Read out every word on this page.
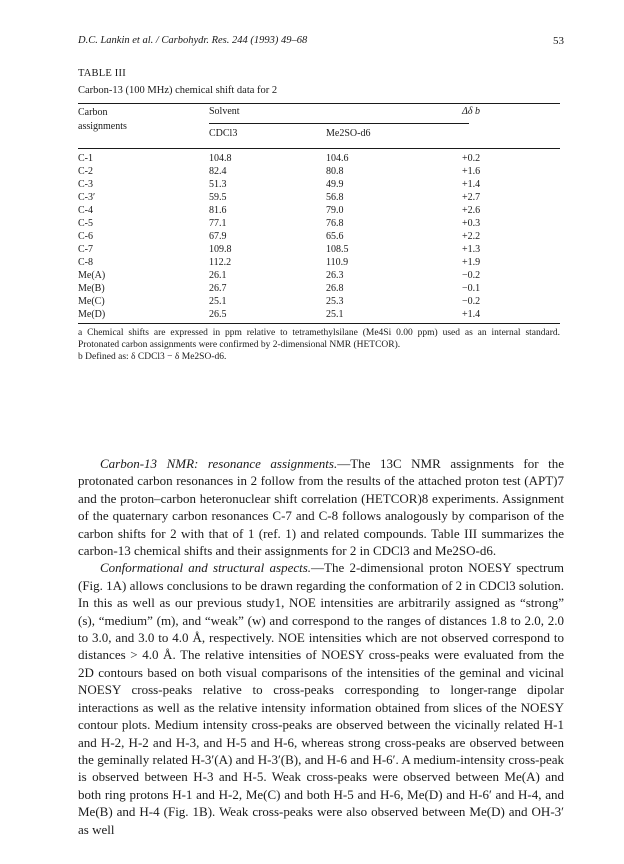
D.C. Lankin et al. / Carbohydr. Res. 244 (1993) 49–68	53
TABLE III
Carbon-13 (100 MHz) chemical shift data for 2
Carbon
assignments
Solvent
CDCl3	Me2SO-d6
Δδ b
C-1	104.8	104.6	+0.2
C-2	82.4	80.8	+1.6
C-3	51.3	49.9	+1.4
C-3′	59.5	56.8	+2.7
C-4	81.6	79.0	+2.6
C-5	77.1	76.8	+0.3
C-6	67.9	65.6	+2.2
C-7	109.8	108.5	+1.3
C-8	112.2	110.9	+1.9
Me(A)	26.1	26.3	−0.2
Me(B)	26.7	26.8	−0.1
Me(C)	25.1	25.3	−0.2
Me(D)	26.5	25.1	+1.4
a Chemical shifts are expressed in ppm relative to tetramethylsilane (Me4Si 0.00 ppm) used as an internal standard. Protonated carbon assignments were confirmed by 2-dimensional NMR (HETCOR).
b Defined as: δ CDCl3 − δ Me2SO-d6.

Carbon-13 NMR: resonance assignments.—The 13C NMR assignments for the protonated carbon resonances in 2 follow from the results of the attached proton test (APT)7 and the proton–carbon heteronuclear shift correlation (HETCOR)8 experiments. Assignment of the quaternary carbon resonances C-7 and C-8 follows analogously by comparison of the carbon shifts for 2 with that of 1 (ref. 1) and related compounds. Table III summarizes the carbon-13 chemical shifts and their assignments for 2 in CDCl3 and Me2SO-d6.

Conformational and structural aspects.—The 2-dimensional proton NOESY spectrum (Fig. 1A) allows conclusions to be drawn regarding the conformation of 2 in CDCl3 solution. In this as well as our previous study1, NOE intensities are arbitrarily assigned as “strong” (s), “medium” (m), and “weak” (w) and correspond to the ranges of distances 1.8 to 2.0, 2.0 to 3.0, and 3.0 to 4.0 Å, respectively. NOE intensities which are not observed correspond to distances > 4.0 Å. The relative intensities of NOESY cross-peaks were evaluated from the 2D contours based on both visual comparisons of the intensities of the geminal and vicinal NOESY cross-peaks relative to cross-peaks corresponding to longer-range dipolar interactions as well as the relative intensity information obtained from slices of the NOESY contour plots. Medium intensity cross-peaks are observed between the vicinally related H-1 and H-2, H-2 and H-3, and H-5 and H-6, whereas strong cross-peaks are observed between the geminally related H-3′(A) and H-3′(B), and H-6 and H-6′. A medium-intensity cross-peak is observed between H-3 and H-5. Weak cross-peaks were observed between Me(A) and both ring protons H-1 and H-2, Me(C) and both H-5 and H-6, Me(D) and H-6′ and H-4, and Me(B) and H-4 (Fig. 1B). Weak cross-peaks were also observed between Me(D) and OH-3′ as well
